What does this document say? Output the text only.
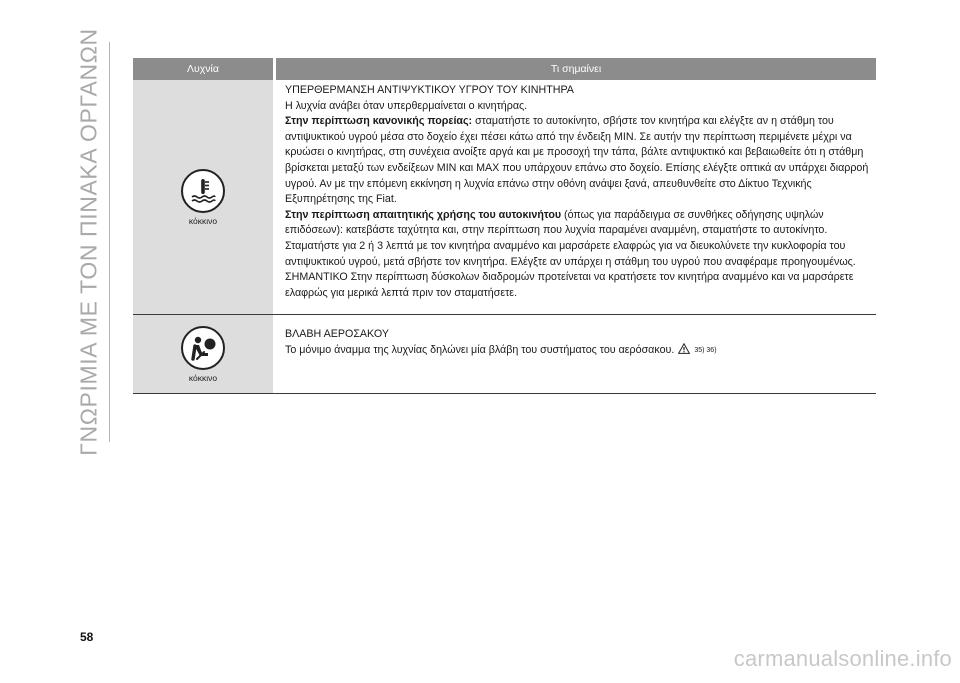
ΓΝΩΡΙΜΙΑ ΜΕ ΤΟΝ ΠΙΝΑΚΑ ΟΡΓΑΝΩΝ	Λυχνία	Τι σημαίνει
κόκκινο

ΥΠΕΡΘΕΡΜΑΝΣΗ ΑΝΤΙΨΥΚΤΙΚΟΥ ΥΓΡΟΥ ΤΟΥ ΚΙΝΗΤΗΡΑ

Η λυχνία ανάβει όταν υπερθερμαίνεται ο κινητήρας.

Στην περίπτωση κανονικής πορείας: σταματήστε το αυτοκίνητο, σβήστε τον κινητήρα και ελέγξτε αν η στάθμη του αντιψυκτικού υγρού μέσα στο δοχείο έχει πέσει κάτω από την ένδειξη MIN. Σε αυτήν την περίπτωση περιμένετε μέχρι να κρυώσει ο κινητήρας, στη συνέχεια ανοίξτε αργά και με προσοχή την τάπα, βάλτε αντιψυκτικό και βεβαιωθείτε ότι η στάθμη βρίσκεται μεταξύ των ενδείξεων MIN και MAX που υπάρχουν επάνω στο δοχείο. Επίσης ελέγξτε οπτικά αν υπάρχει διαρροή υγρού. Αν με την επόμενη εκκίνηση η λυχνία επάνω στην οθόνη ανάψει ξανά, απευθυνθείτε στο Δίκτυο Τεχνικής Εξυπηρέτησης της Fiat.

Στην περίπτωση απαιτητικής χρήσης του αυτοκινήτου (όπως για παράδειγμα σε συνθήκες οδήγησης υψηλών επιδόσεων): κατεβάστε ταχύτητα και, στην περίπτωση που λυχνία παραμένει αναμμένη, σταματήστε το αυτοκίνητο. Σταματήστε για 2 ή 3 λεπτά με τον κινητήρα αναμμένο και μαρσάρετε ελαφρώς για να διευκολύνετε την κυκλοφορία του αντιψυκτικού υγρού, μετά σβήστε τον κινητήρα. Ελέγξτε αν υπάρχει η στάθμη του υγρού που αναφέραμε προηγουμένως.

ΣΗΜΑΝΤΙΚΟ Στην περίπτωση δύσκολων διαδρομών προτείνεται να κρατήσετε τον κινητήρα αναμμένο και να μαρσάρετε ελαφρώς για μερικά λεπτά πριν τον σταματήσετε.

κόκκινο

ΒΛΑΒΗ ΑΕΡΟΣΑΚΟΥ

Το μόνιμο άναμμα της λυχνίας δηλώνει μία βλάβη του συστήματος του αερόσακου.	35) 36)

58
carmanualsonline.info
